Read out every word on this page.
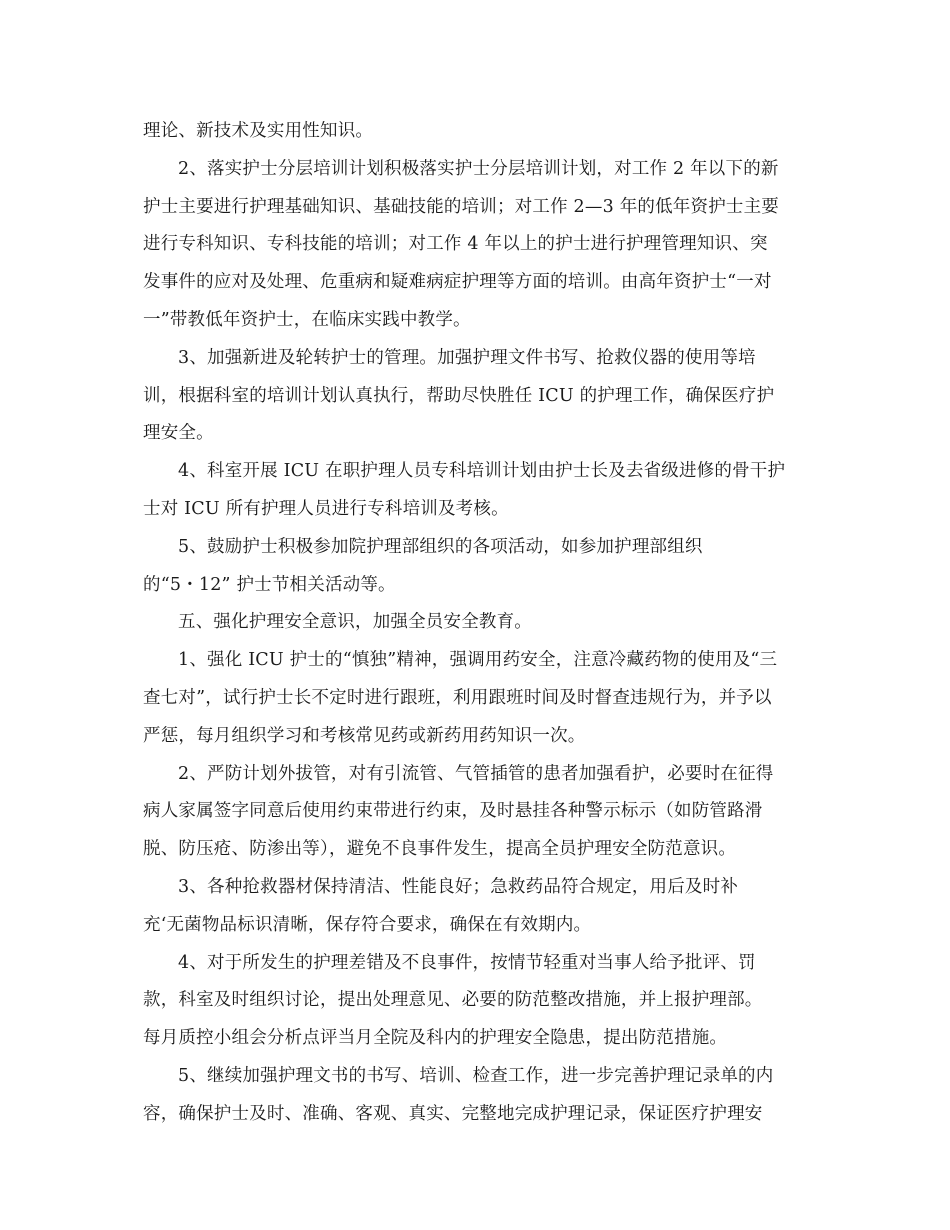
理论、新技术及实用性知识。
2、落实护士分层培训计划积极落实护士分层培训计划，对工作 2 年以下的新
护士主要进行护理基础知识、基础技能的培训；对工作 2—3 年的低年资护士主要
进行专科知识、专科技能的培训；对工作 4 年以上的护士进行护理管理知识、突
发事件的应对及处理、危重病和疑难病症护理等方面的培训。由高年资护士“一对
一”带教低年资护士，在临床实践中教学。
3、加强新进及轮转护士的管理。加强护理文件书写、抢救仪器的使用等培
训，根据科室的培训计划认真执行，帮助尽快胜任 ICU 的护理工作，确保医疗护
理安全。
4、科室开展 ICU 在职护理人员专科培训计划由护士长及去省级进修的骨干护
士对 ICU 所有护理人员进行专科培训及考核。
5、鼓励护士积极参加院护理部组织的各项活动，如参加护理部组织
的“5・12” 护士节相关活动等。
五、强化护理安全意识，加强全员安全教育。
1、强化 ICU 护士的“慎独”精神，强调用药安全，注意冷藏药物的使用及“三
查七对”，试行护士长不定时进行跟班，利用跟班时间及时督查违规行为，并予以
严惩，每月组织学习和考核常见药或新药用药知识一次。
2、严防计划外拔管，对有引流管、气管插管的患者加强看护，必要时在征得
病人家属签字同意后使用约束带进行约束，及时悬挂各种警示标示（如防管路滑
脱、防压疮、防渗出等），避免不良事件发生，提高全员护理安全防范意识。
3、各种抢救器材保持清洁、性能良好；急救药品符合规定，用后及时补
充‘无菌物品标识清晰，保存符合要求，确保在有效期内。
4、对于所发生的护理差错及不良事件，按情节轻重对当事人给予批评、罚
款，科室及时组织讨论，提出处理意见、必要的防范整改措施，并上报护理部。
每月质控小组会分析点评当月全院及科内的护理安全隐患，提出防范措施。
5、继续加强护理文书的书写、培训、检查工作，进一步完善护理记录单的内
容，确保护士及时、准确、客观、真实、完整地完成护理记录，保证医疗护理安
